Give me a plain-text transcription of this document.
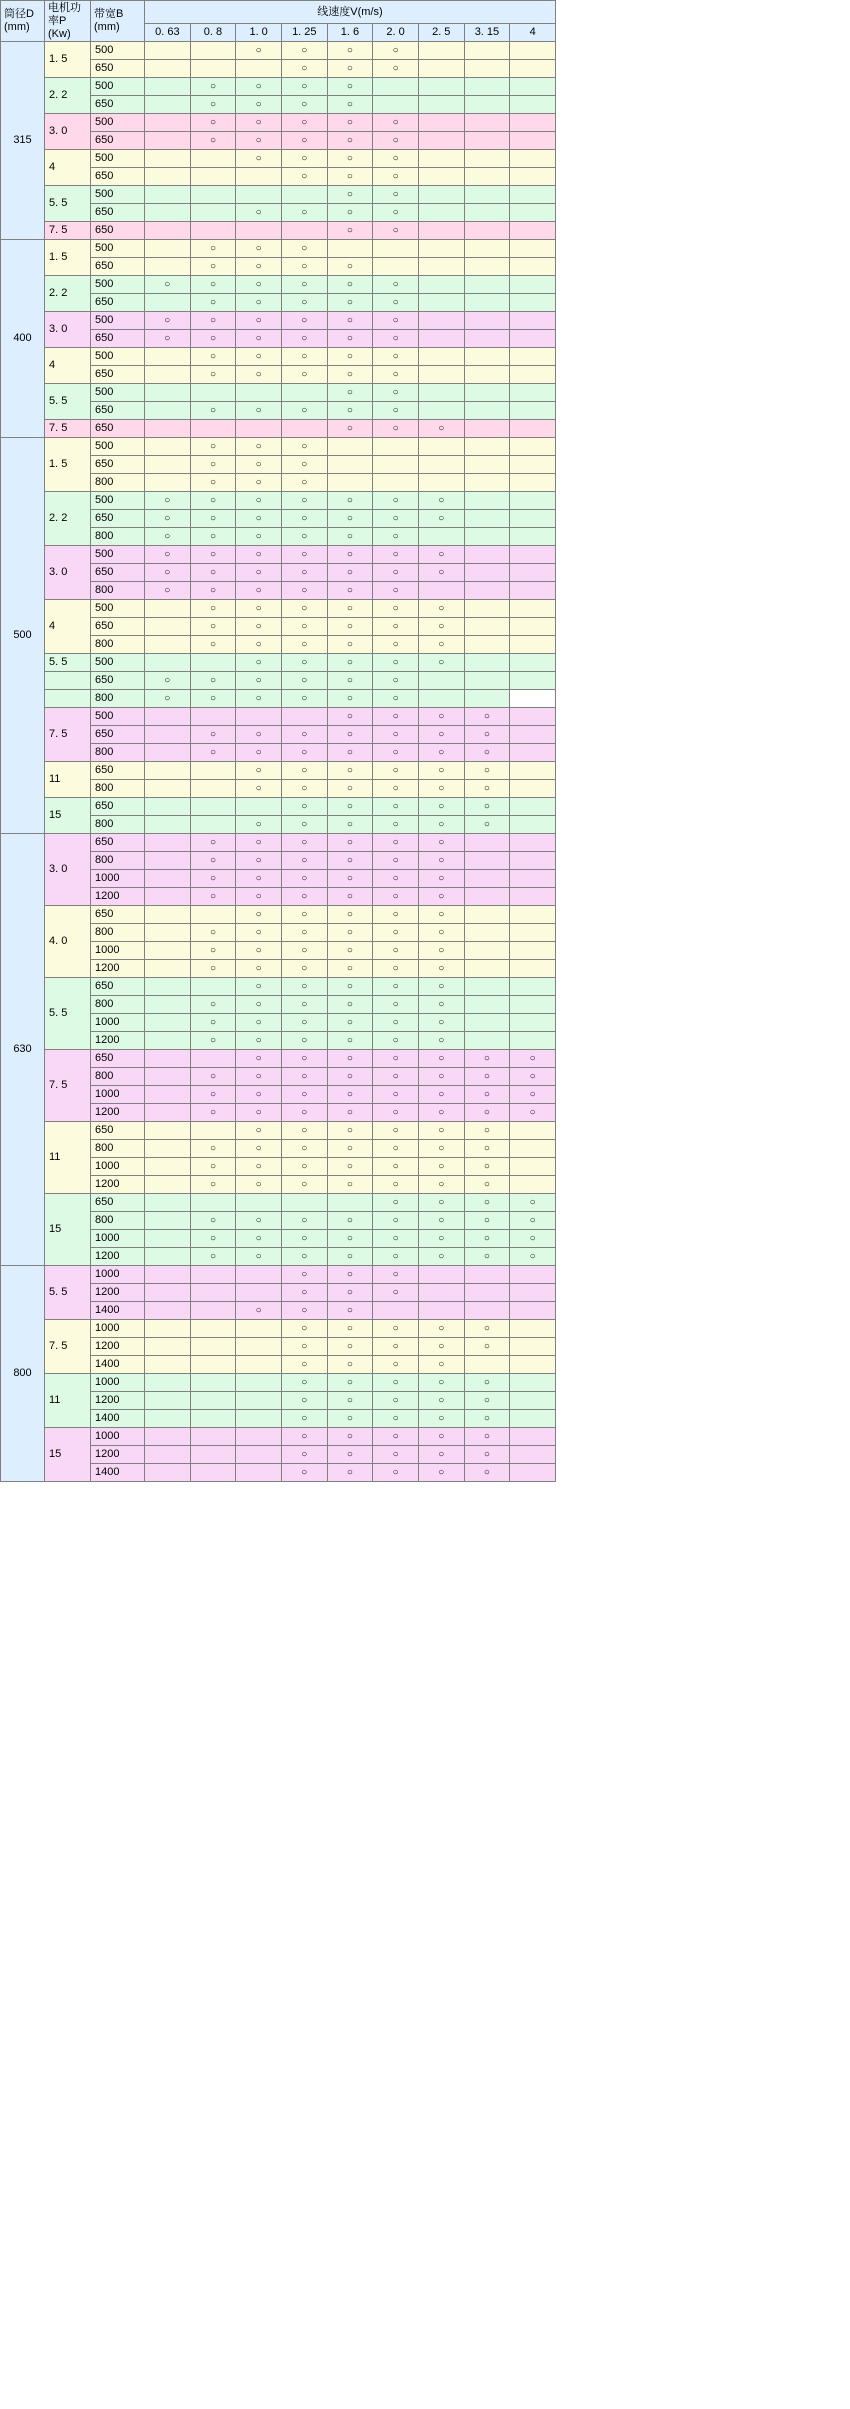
筒径D
(mm)	电机功
率P
(Kw)	带宽B
(mm)	线速度V(m/s)								
			0. 63	0. 8	1. 0	1. 25	1. 6	2. 0	2. 5	3. 15	4
315	1. 5	500			○	○	○	○			
		650				○	○	○			
	2. 2	500		○	○	○	○				
		650		○	○	○	○				
	3. 0	500		○	○	○	○	○			
		650		○	○	○	○	○			
	4	500			○	○	○	○			
		650				○	○	○			
	5. 5	500					○	○			
		650			○	○	○	○			
	7. 5	650					○	○			
400	1. 5	500		○	○	○					
		650		○	○	○	○				
	2. 2	500	○	○	○	○	○	○			
		650		○	○	○	○	○			
	3. 0	500	○	○	○	○	○	○			
		650	○	○	○	○	○	○			
	4	500		○	○	○	○	○			
		650		○	○	○	○	○			
	5. 5	500					○	○			
		650		○	○	○	○	○			
	7. 5	650					○	○	○		
500	1. 5	500		○	○	○					
		650		○	○	○					
		800		○	○	○					
	2. 2	500	○	○	○	○	○	○	○		
		650	○	○	○	○	○	○	○		
		800	○	○	○	○	○	○			
	3. 0	500	○	○	○	○	○	○	○		
		650	○	○	○	○	○	○	○		
		800	○	○	○	○	○	○			
	4	500		○	○	○	○	○	○		
		650		○	○	○	○	○	○		
		800		○	○	○	○	○	○		
	5. 5	500			○	○	○	○	○		
		650	○	○	○	○	○	○			
		800	○	○	○	○	○	○			
	7. 5	500					○	○	○	○	
		650		○	○	○	○	○	○	○	
		800		○	○	○	○	○	○	○	
	11	650			○	○	○	○	○	○	
		800			○	○	○	○	○	○	
	15	650				○	○	○	○	○	
		800			○	○	○	○	○	○	
630	3. 0	650		○	○	○	○	○	○		
		800		○	○	○	○	○	○		
		1000		○	○	○	○	○	○		
		1200		○	○	○	○	○	○		
	4. 0	650			○	○	○	○	○		
		800		○	○	○	○	○	○		
		1000		○	○	○	○	○	○		
		1200		○	○	○	○	○	○		
	5. 5	650			○	○	○	○	○		
		800		○	○	○	○	○	○		
		1000		○	○	○	○	○	○		
		1200		○	○	○	○	○	○		
	7. 5	650			○	○	○	○	○	○	○
		800		○	○	○	○	○	○	○	○
		1000		○	○	○	○	○	○	○	○
		1200		○	○	○	○	○	○	○	○
	11	650			○	○	○	○	○	○	
		800		○	○	○	○	○	○	○	
		1000		○	○	○	○	○	○	○	
		1200		○	○	○	○	○	○	○	
	15	650						○	○	○	○
		800		○	○	○	○	○	○	○	○
		1000		○	○	○	○	○	○	○	○
		1200		○	○	○	○	○	○	○	○
800	5. 5	1000				○	○	○			
		1200				○	○	○			
		1400			○	○	○				
	7. 5	1000				○	○	○	○	○	
		1200				○	○	○	○	○	
		1400				○	○	○	○		
	11	1000				○	○	○	○	○	
		1200				○	○	○	○	○	
		1400				○	○	○	○	○	
	15	1000				○	○	○	○	○	
		1200				○	○	○	○	○	
		1400				○	○	○	○	○	
